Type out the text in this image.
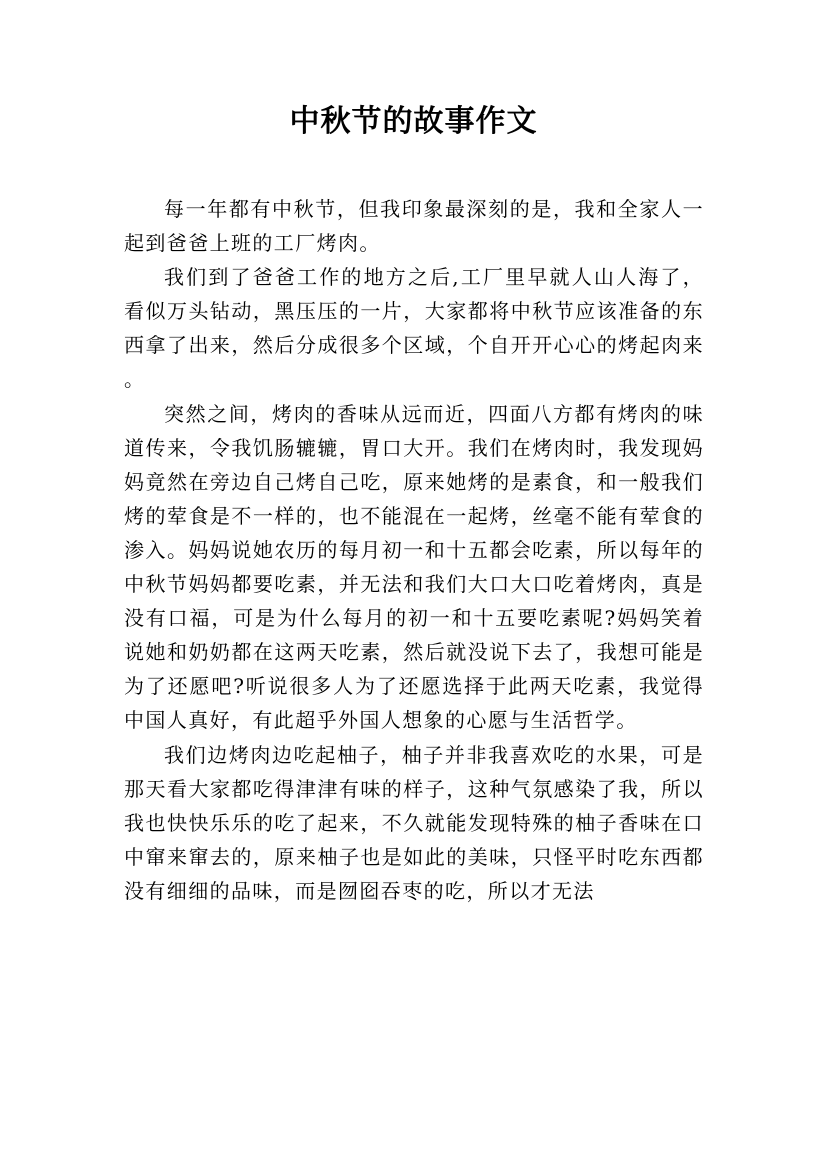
中秋节的故事作文

每一年都有中秋节，但我印象最深刻的是，我和全家人一起到爸爸上班的工厂烤肉。

我们到了爸爸工作的地方之后,工厂里早就人山人海了，看似万头钻动，黑压压的一片，大家都将中秋节应该准备的东西拿了出来，然后分成很多个区域，个自开开心心的烤起肉来。

突然之间，烤肉的香味从远而近，四面八方都有烤肉的味道传来，令我饥肠辘辘，胃口大开。我们在烤肉时，我发现妈妈竟然在旁边自己烤自己吃，原来她烤的是素食，和一般我们烤的荤食是不一样的，也不能混在一起烤，丝毫不能有荤食的渗入。妈妈说她农历的每月初一和十五都会吃素，所以每年的中秋节妈妈都要吃素，并无法和我们大口大口吃着烤肉，真是没有口福，可是为什么每月的初一和十五要吃素呢?妈妈笑着说她和奶奶都在这两天吃素，然后就没说下去了，我想可能是为了还愿吧?听说很多人为了还愿选择于此两天吃素，我觉得中国人真好，有此超乎外国人想象的心愿与生活哲学。

我们边烤肉边吃起柚子，柚子并非我喜欢吃的水果，可是那天看大家都吃得津津有味的样子，这种气氛感染了我，所以我也快快乐乐的吃了起来，不久就能发现特殊的柚子香味在口中窜来窜去的，原来柚子也是如此的美味，只怪平时吃东西都没有细细的品味，而是囫囵吞枣的吃，所以才无法
